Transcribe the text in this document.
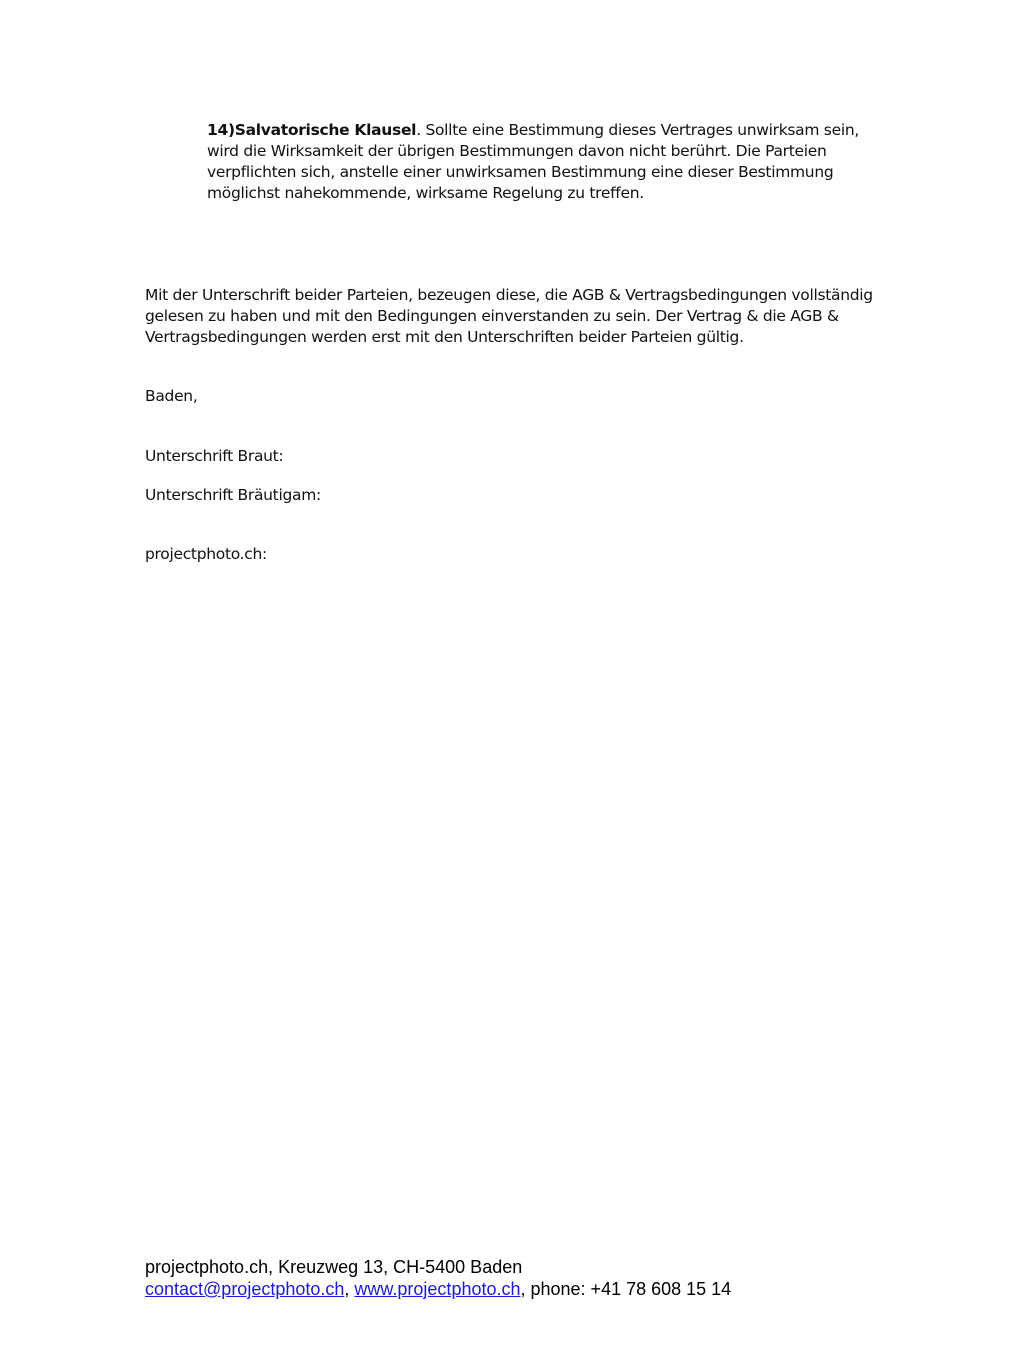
14)Salvatorische Klausel. Sollte eine Bestimmung dieses Vertrages unwirksam sein, wird die Wirksamkeit der übrigen Bestimmungen davon nicht berührt. Die Parteien verpflichten sich, anstelle einer unwirksamen Bestimmung eine dieser Bestimmung möglichst nahekommende, wirksame Regelung zu treffen.

Mit der Unterschrift beider Parteien, bezeugen diese, die AGB & Vertragsbedingungen vollständig gelesen zu haben und mit den Bedingungen einverstanden zu sein. Der Vertrag & die AGB & Vertragsbedingungen werden erst mit den Unterschriften beider Parteien gültig.

Baden,
Unterschrift Braut:
Unterschrift Bräutigam:
projectphoto.ch:
projectphoto.ch, Kreuzweg 13, CH-5400 Baden
contact@projectphoto.ch, www.projectphoto.ch, phone: +41 78 608 15 14
